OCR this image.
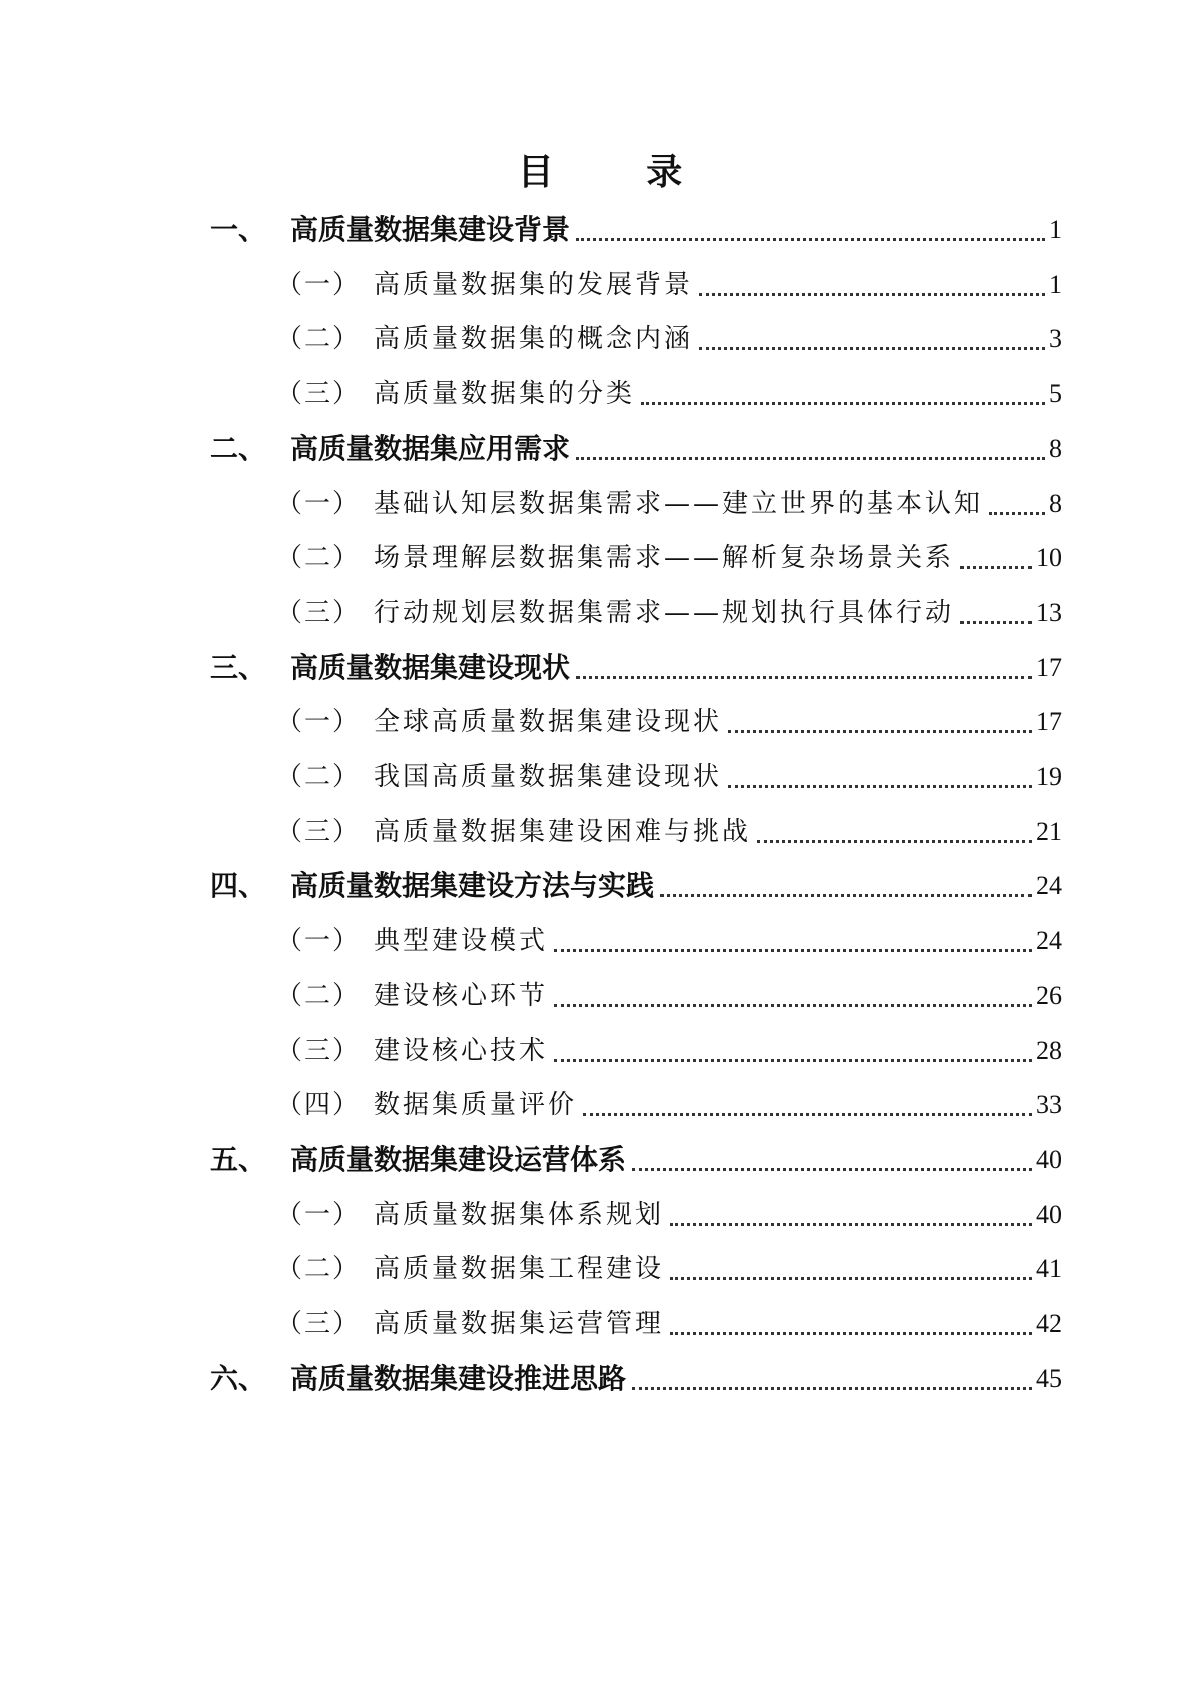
目 录
一、 高质量数据集建设背景	1
（一） 高质量数据集的发展背景	1
（二） 高质量数据集的概念内涵	3
（三） 高质量数据集的分类	5
二、 高质量数据集应用需求	8
（一） 基础认知层数据集需求——建立世界的基本认知	8
（二） 场景理解层数据集需求——解析复杂场景关系	10
（三） 行动规划层数据集需求——规划执行具体行动	13
三、 高质量数据集建设现状	17
（一） 全球高质量数据集建设现状	17
（二） 我国高质量数据集建设现状	19
（三） 高质量数据集建设困难与挑战	21
四、 高质量数据集建设方法与实践	24
（一） 典型建设模式	24
（二） 建设核心环节	26
（三） 建设核心技术	28
（四） 数据集质量评价	33
五、 高质量数据集建设运营体系	40
（一） 高质量数据集体系规划	40
（二） 高质量数据集工程建设	41
（三） 高质量数据集运营管理	42
六、 高质量数据集建设推进思路	45
